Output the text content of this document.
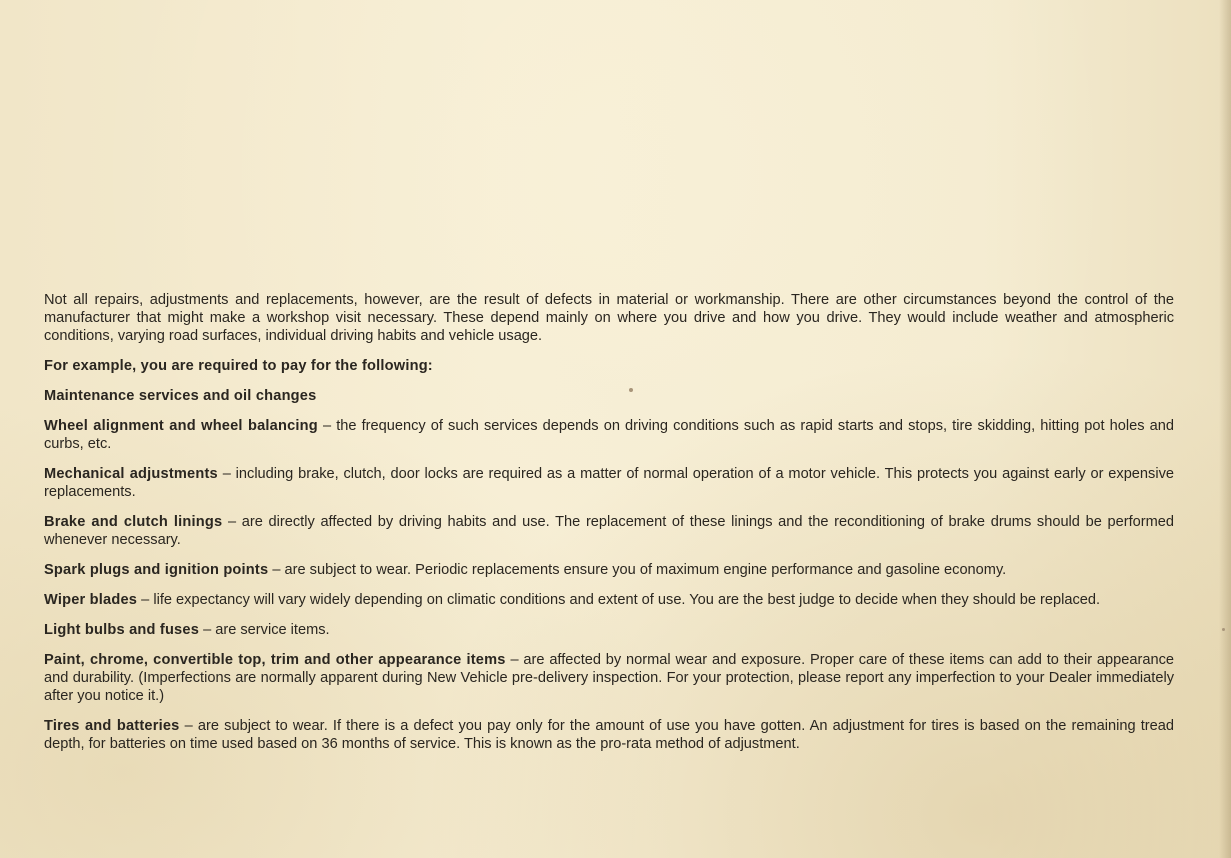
Not all repairs, adjustments and replacements, however, are the result of defects in material or workmanship. There are other circumstances beyond the control of the manufacturer that might make a workshop visit necessary. These depend mainly on where you drive and how you drive. They would include weather and atmospheric conditions, varying road surfaces, individual driving habits and vehicle usage.

For example, you are required to pay for the following:

Maintenance services and oil changes

Wheel alignment and wheel balancing – the frequency of such services depends on driving conditions such as rapid starts and stops, tire skidding, hitting pot holes and curbs, etc.

Mechanical adjustments – including brake, clutch, door locks are required as a matter of normal operation of a motor vehicle. This protects you against early or expensive replacements.

Brake and clutch linings – are directly affected by driving habits and use. The replacement of these linings and the reconditioning of brake drums should be performed whenever necessary.

Spark plugs and ignition points – are subject to wear. Periodic replacements ensure you of maximum engine performance and gasoline economy.

Wiper blades – life expectancy will vary widely depending on climatic conditions and extent of use. You are the best judge to decide when they should be replaced.

Light bulbs and fuses – are service items.

Paint, chrome, convertible top, trim and other appearance items – are affected by normal wear and exposure. Proper care of these items can add to their appearance and durability. (Imperfections are normally apparent during New Vehicle pre-delivery inspection. For your protection, please report any imperfection to your Dealer immediately after you notice it.)

Tires and batteries – are subject to wear. If there is a defect you pay only for the amount of use you have gotten. An adjustment for tires is based on the remaining tread depth, for batteries on time used based on 36 months of service. This is known as the pro-rata method of adjustment.
